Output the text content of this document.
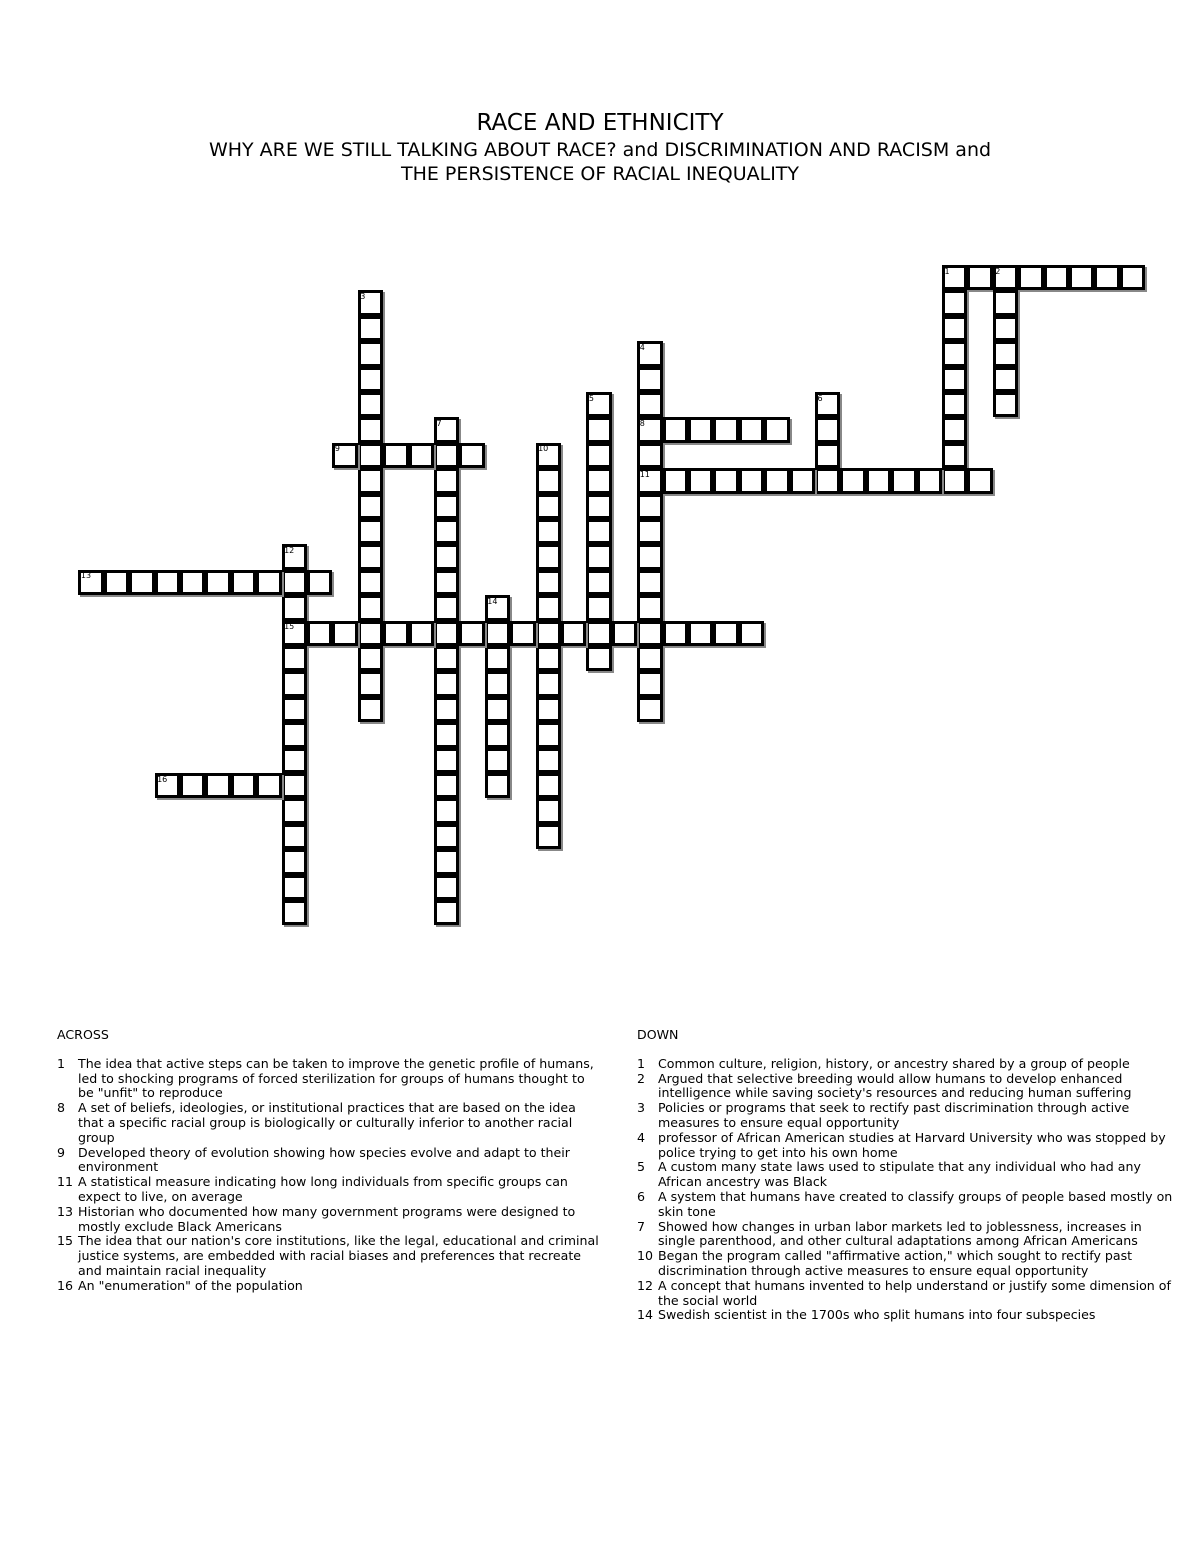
RACE AND ETHNICITY
WHY ARE WE STILL TALKING ABOUT RACE? and DISCRIMINATION AND RACISM and
THE PERSISTENCE OF RACIAL INEQUALITY
1	2
3
4
5	6
7	8
9	10
11
12
13
14
15
16
ACROSS
1	The idea that active steps can be taken to improve the genetic profile of humans, led to shocking programs of forced sterilization for groups of humans thought to be "unfit" to reproduce
8	A set of beliefs, ideologies, or institutional practices that are based on the idea that a specific racial group is biologically or culturally inferior to another racial group
9	Developed theory of evolution showing how species evolve and adapt to their environment
11 A statistical measure indicating how long individuals from specific groups can expect to live, on average
13 Historian who documented how many government programs were designed to mostly exclude Black Americans
15 The idea that our nation's core institutions, like the legal, educational and criminal justice systems, are embedded with racial biases and preferences that recreate and maintain racial inequality
16 An "enumeration" of the population
DOWN
1	Common culture, religion, history, or ancestry shared by a group of people
2	Argued that selective breeding would allow humans to develop enhanced intelligence while saving society's resources and reducing human suffering
3	Policies or programs that seek to rectify past discrimination through active measures to ensure equal opportunity
4	professor of African American studies at Harvard University who was stopped by police trying to get into his own home
5	A custom many state laws used to stipulate that any individual who had any African ancestry was Black
6	A system that humans have created to classify groups of people based mostly on skin tone
7	Showed how changes in urban labor markets led to joblessness, increases in single parenthood, and other cultural adaptations among African Americans
10 Began the program called "affirmative action," which sought to rectify past discrimination through active measures to ensure equal opportunity
12 A concept that humans invented to help understand or justify some dimension of the social world
14 Swedish scientist in the 1700s who split humans into four subspecies
